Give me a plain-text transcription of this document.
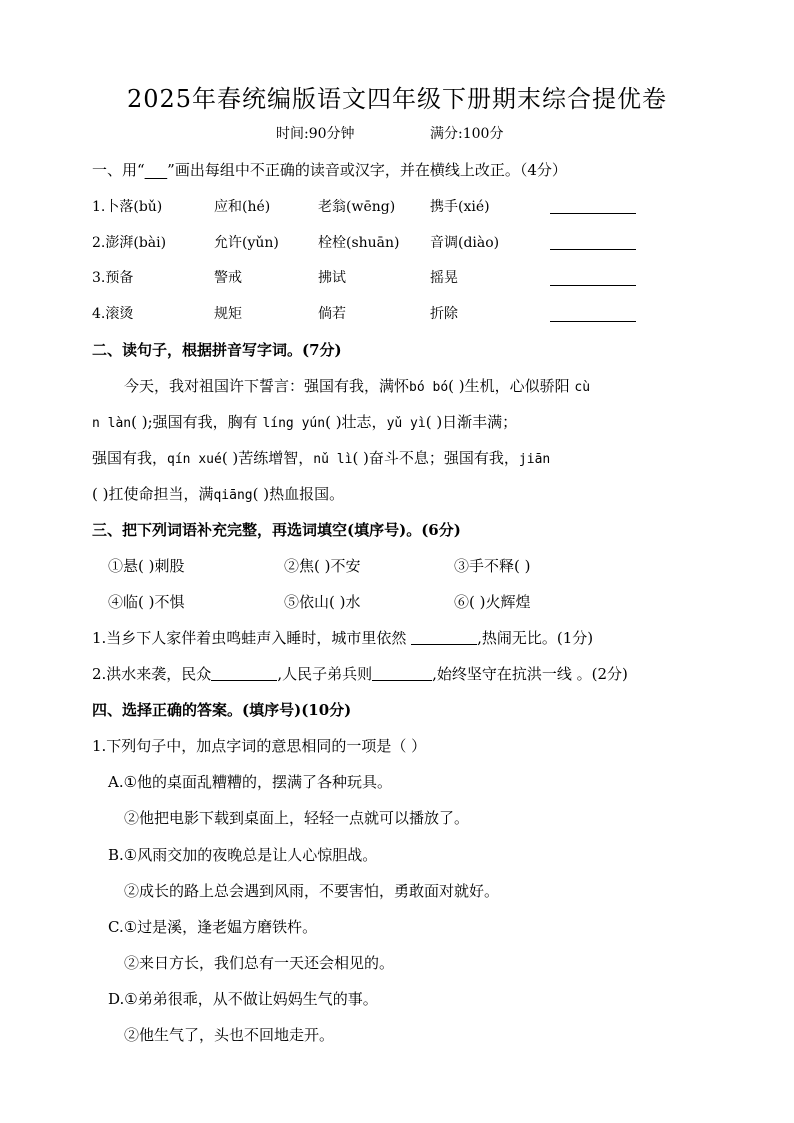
2025年春统编版语文四年级下册期末综合提优卷
时间:90分钟	满分:100分
一、用“___”画出每组中不正确的读音或汉字，并在横线上改正。（4分）
1.卜落(bǔ)	应和(hé)	老翁(wēng) 携手(xié)
2.澎湃(bài)	允许(yǔn)	栓栓(shuān) 音调(diào)
3.预备	警戒	拂试	摇晃
4.滚烫	规矩	倘若	折除
二、读句子，根据拼音写字词。(7分)
今天，我对祖国许下誓言：强国有我，满怀bó bó( )生机，心似骄阳 cù
n làn( );强国有我，胸有 líng yún( )壮志，yǔ yì( )日渐丰满；
强国有我，qín xué( )苦练增智，nǔ lì( )奋斗不息；强国有我，jiān
( )扛使命担当，满qiāng( )热血报国。
三、把下列词语补充完整，再选词填空(填序号)。(6分)
①悬( )刺股	②焦( )不安	③手不释( )
④临( )不惧	⑤依山( )水	⑥( )火辉煌
1.当乡下人家伴着虫鸣蛙声入睡时，城市里依然	,热闹无比。(1分)
2.洪水来袭，民众	,人民子弟兵则	,始终坚守在抗洪一线 。(2分)
四、选择正确的答案。(填序号)(10分)
1.下列句子中，加点字词的意思相同的一项是（ ）
A.①他的桌面乱糟糟的，摆满了各种玩具。
②他把电影下载到桌面上，轻轻一点就可以播放了。
B.①风雨交加的夜晚总是让人心惊胆战。
②成长的路上总会遇到风雨，不要害怕，勇敢面对就好。
C.①过是溪，逢老媪方磨铁杵。
②来日方长，我们总有一天还会相见的。
D.①弟弟很乖，从不做让妈妈生气的事。
②他生气了，头也不回地走开。
